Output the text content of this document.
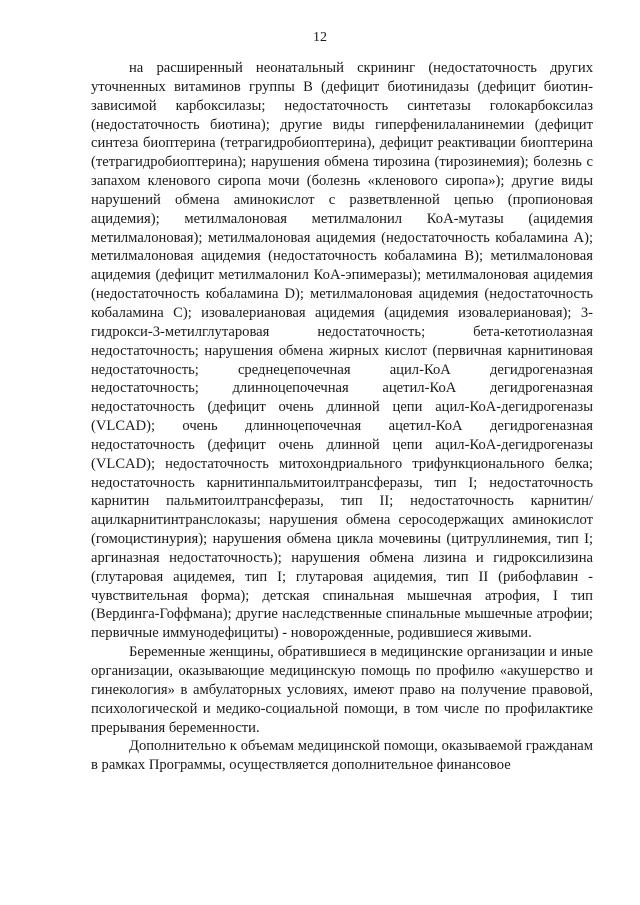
12

на расширенный неонатальный скрининг (недостаточность других уточненных витаминов группы В (дефицит биотинидазы (дефицит биотин-зависимой карбоксилазы; недостаточность синтетазы голокарбоксилаз (недостаточность биотина); другие виды гиперфенилаланинемии (дефицит синтеза биоптерина (тетрагидробиоптерина), дефицит реактивации биоптерина (тетрагидробиоптерина); нарушения обмена тирозина (тирозинемия); болезнь с запахом кленового сиропа мочи (болезнь «кленового сиропа»); другие виды нарушений обмена аминокислот с разветвленной цепью (пропионовая ацидемия); метилмалоновая метилмалонил КоА-мутазы (ацидемия метилмалоновая); метилмалоновая ацидемия (недостаточность кобаламина А); метилмалоновая ацидемия (недостаточность кобаламина В); метилмалоновая ацидемия (дефицит метилмалонил КоА-эпимеразы); метилмалоновая ацидемия (недостаточность кобаламина D); метилмалоновая ацидемия (недостаточность кобаламина С); изовалериановая ацидемия (ацидемия изовалериановая); 3-гидрокси-3-метилглутаровая недостаточность; бета-кетотиолазная недостаточность; нарушения обмена жирных кислот (первичная карнитиновая недостаточность; среднецепочечная ацил-КоА дегидрогеназная недостаточность; длинноцепочечная ацетил-КоА дегидрогеназная недостаточность (дефицит очень длинной цепи ацил-КоА-дегидрогеназы (VLCAD); очень длинноцепочечная ацетил-КоА дегидрогеназная недостаточность (дефицит очень длинной цепи ацил-КоА-дегидрогеназы (VLCAD); недостаточность митохондриального трифункционального белка; недостаточность карнитинпальмитоилтрансферазы, тип I; недостаточность карнитин пальмитоилтрансферазы, тип II; недостаточность карнитин/ацилкарнитинтранслоказы; нарушения обмена серосодержащих аминокислот (гомоцистинурия); нарушения обмена цикла мочевины (цитруллинемия, тип I; аргиназная недостаточность); нарушения обмена лизина и гидроксилизина (глутаровая ацидемея, тип I; глутаровая ацидемия, тип II (рибофлавин - чувствительная форма); детская спинальная мышечная атрофия, I тип (Вердинга-Гоффмана); другие наследственные спинальные мышечные атрофии; первичные иммунодефициты) - новорожденные, родившиеся живыми.

Беременные женщины, обратившиеся в медицинские организации и иные организации, оказывающие медицинскую помощь по профилю «акушерство и гинекология» в амбулаторных условиях, имеют право на получение правовой, психологической и медико-социальной помощи, в том числе по профилактике прерывания беременности.

Дополнительно к объемам медицинской помощи, оказываемой гражданам в рамках Программы, осуществляется дополнительное финансовое
